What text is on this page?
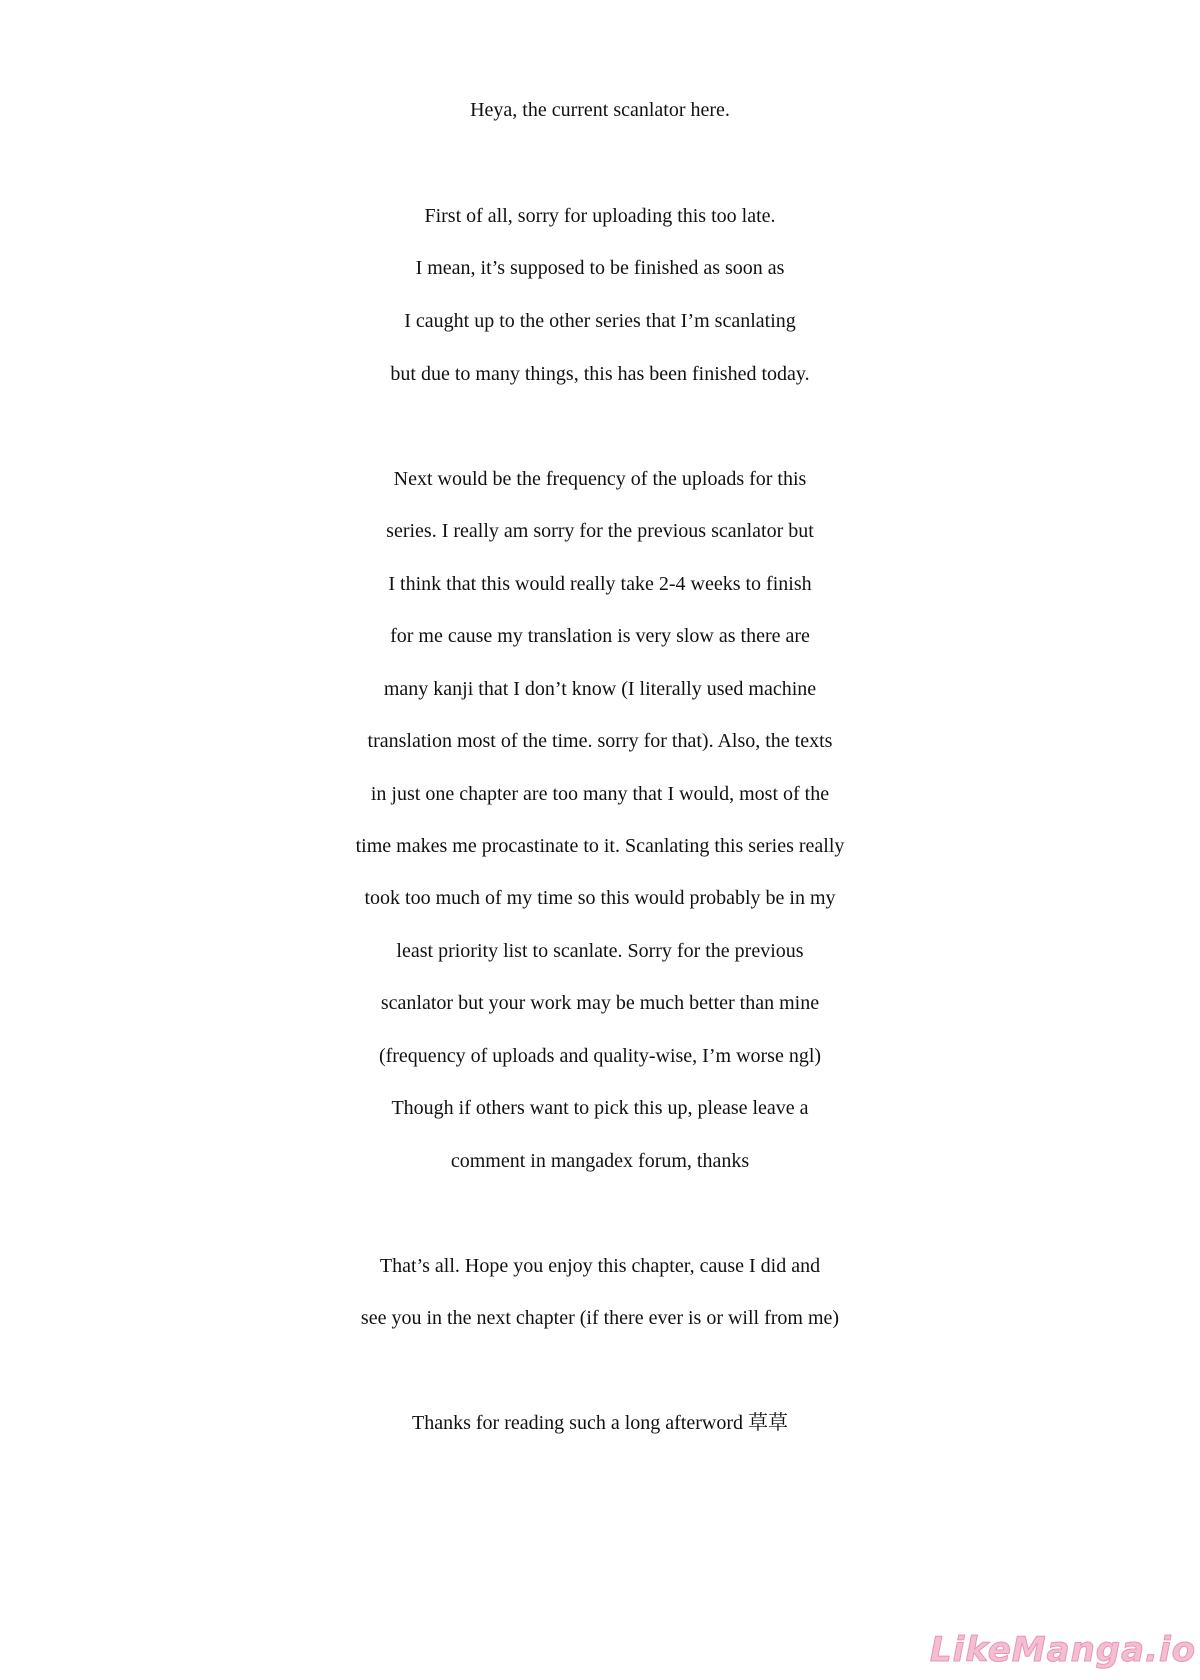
Heya, the current scanlator here.
First of all, sorry for uploading this too late.
I mean, it’s supposed to be finished as soon as
I caught up to the other series that I’m scanlating
but due to many things, this has been finished today.
Next would be the frequency of the uploads for this
series. I really am sorry for the previous scanlator but
I think that this would really take 2-4 weeks to finish
for me cause my translation is very slow as there are
many kanji that I don’t know (I literally used machine
translation most of the time. sorry for that). Also, the texts
in just one chapter are too many that I would, most of the
time makes me procastinate to it. Scanlating this series really
took too much of my time so this would probably be in my
least priority list to scanlate. Sorry for the previous
scanlator but your work may be much better than mine
(frequency of uploads and quality-wise, I’m worse ngl)
Though if others want to pick this up, please leave a
comment in mangadex forum, thanks
That’s all. Hope you enjoy this chapter, cause I did and
see you in the next chapter (if there ever is or will from me)
Thanks for reading such a long afterword 草草
LikeManga.io
